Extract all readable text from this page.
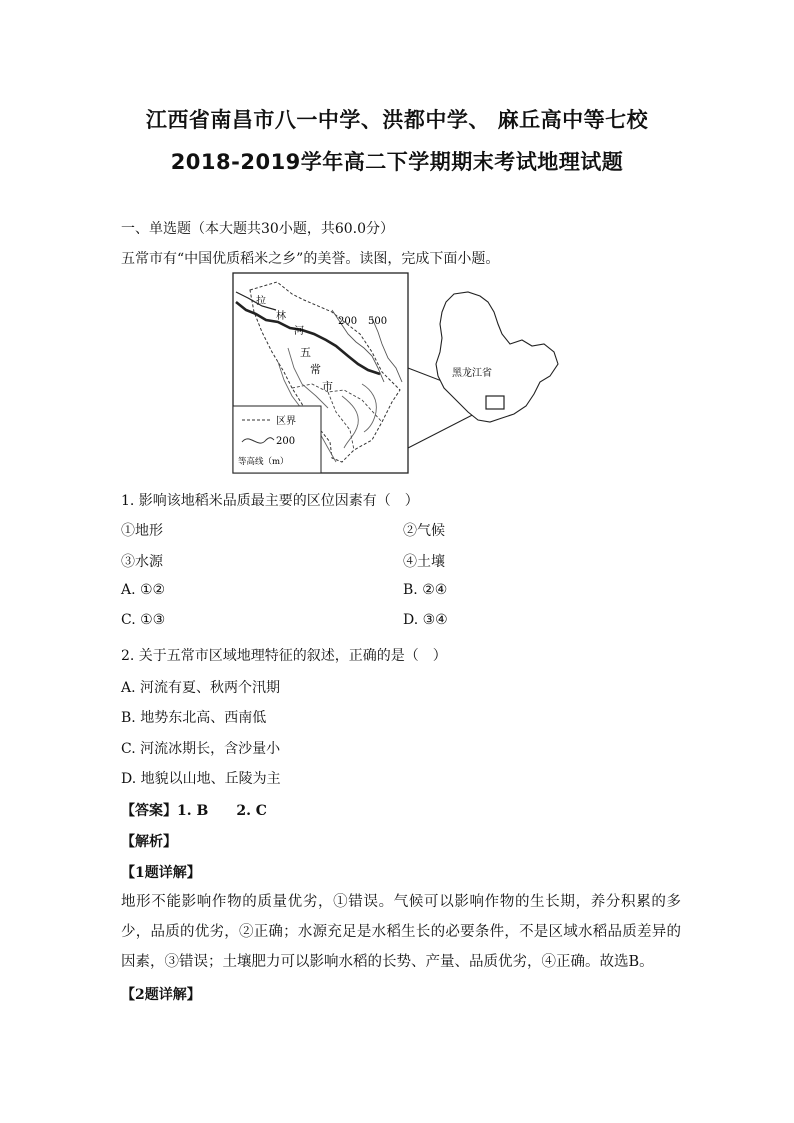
江西省南昌市八一中学、洪都中学、 麻丘高中等七校
2018-2019学年高二下学期期末考试地理试题
一、单选题（本大题共30小题，共60.0分）
五常市有“中国优质稻米之乡”的美誉。读图，完成下面小题。
拉
林
河
200 500
五
常
市
区界
200
等高线（m）
黑龙江省
1. 影响该地稻米品质最主要的区位因素有（　）
①地形	②气候
③水源	④土壤
A. ①②	B. ②④
C. ①③	D. ③④
2. 关于五常市区域地理特征的叙述，正确的是（　）
A. 河流有夏、秋两个汛期
B. 地势东北高、西南低
C. 河流冰期长，含沙量小
D. 地貌以山地、丘陵为主
【答案】1. B　　2. C
【解析】
【1题详解】
地形不能影响作物的质量优劣，①错误。气候可以影响作物的生长期，养分积累的多少，品质的优劣，②正确；水源充足是水稻生长的必要条件，不是区域水稻品质差异的因素，③错误；土壤肥力可以影响水稻的长势、产量、品质优劣，④正确。故选B。
【2题详解】
